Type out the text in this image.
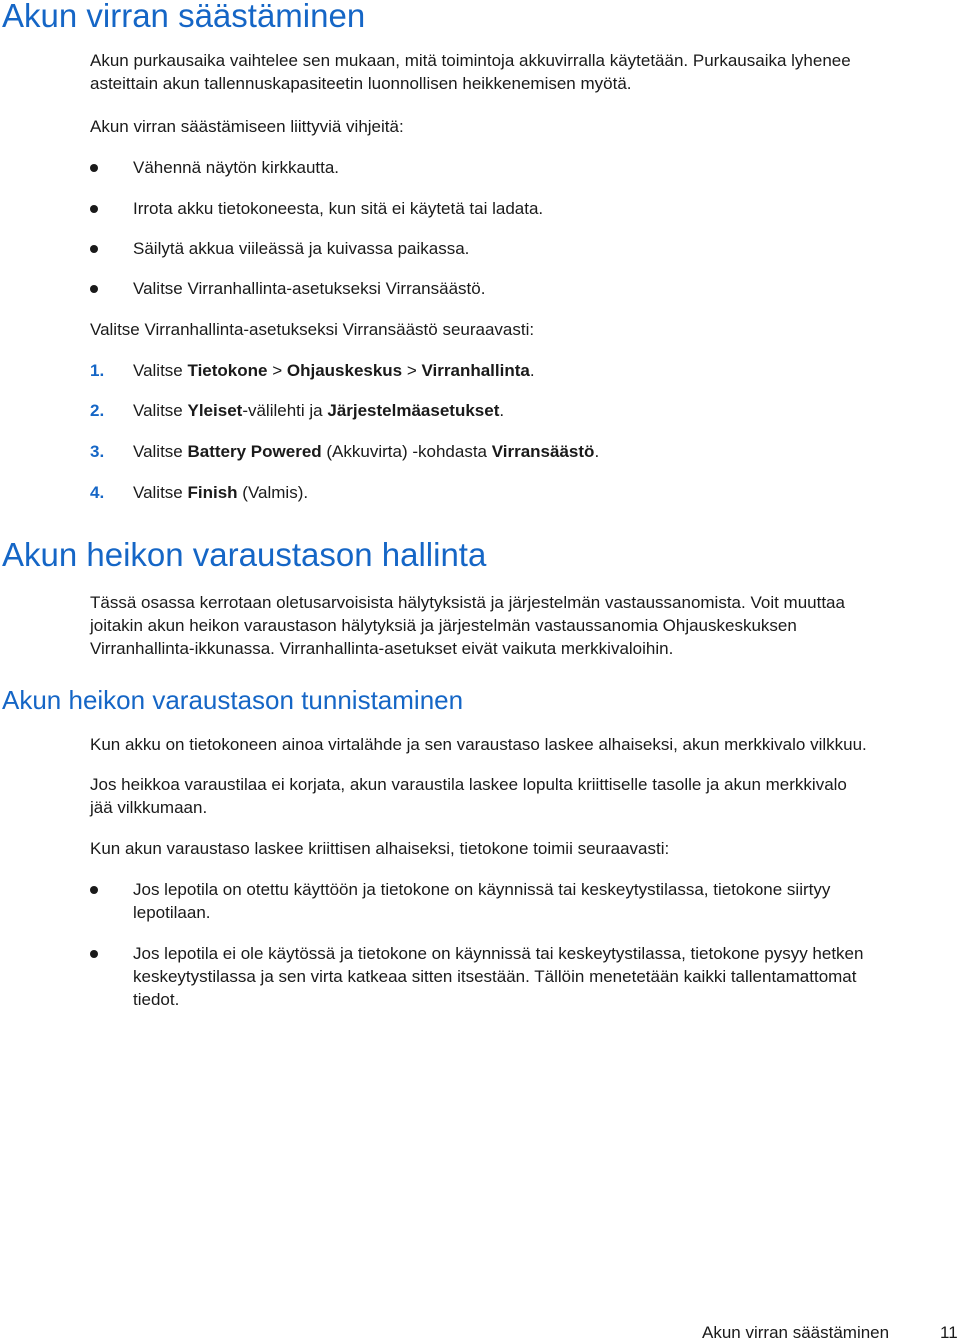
Akun virran säästäminen

Akun purkausaika vaihtelee sen mukaan, mitä toimintoja akkuvirralla käytetään. Purkausaika lyhenee
asteittain akun tallennuskapasiteetin luonnollisen heikkenemisen myötä.

Akun virran säästämiseen liittyviä vihjeitä:

Vähennä näytön kirkkautta.
Irrota akku tietokoneesta, kun sitä ei käytetä tai ladata.
Säilytä akkua viileässä ja kuivassa paikassa.
Valitse Virranhallinta-asetukseksi Virransäästö.

Valitse Virranhallinta-asetukseksi Virransäästö seuraavasti:

1. Valitse Tietokone > Ohjauskeskus > Virranhallinta.
2. Valitse Yleiset-välilehti ja Järjestelmäasetukset.
3. Valitse Battery Powered (Akkuvirta) -kohdasta Virransäästö.
4. Valitse Finish (Valmis).
Akun heikon varaustason hallinta

Tässä osassa kerrotaan oletusarvoisista hälytyksistä ja järjestelmän vastaussanomista. Voit muuttaa
joitakin akun heikon varaustason hälytyksiä ja järjestelmän vastaussanomia Ohjauskeskuksen
Virranhallinta-ikkunassa. Virranhallinta-asetukset eivät vaikuta merkkivaloihin.

Akun heikon varaustason tunnistaminen

Kun akku on tietokoneen ainoa virtalähde ja sen varaustaso laskee alhaiseksi, akun merkkivalo vilkkuu.

Jos heikkoa varaustilaa ei korjata, akun varaustila laskee lopulta kriittiselle tasolle ja akun merkkivalo
jää vilkkumaan.

Kun akun varaustaso laskee kriittisen alhaiseksi, tietokone toimii seuraavasti:

Jos lepotila on otettu käyttöön ja tietokone on käynnissä tai keskeytystilassa, tietokone siirtyy
lepotilaan.
Jos lepotila ei ole käytössä ja tietokone on käynnissä tai keskeytystilassa, tietokone pysyy hetken
keskeytystilassa ja sen virta katkeaa sitten itsestään. Tällöin menetetään kaikki tallentamattomat
tiedot.
Akun virran säästäminen	11
